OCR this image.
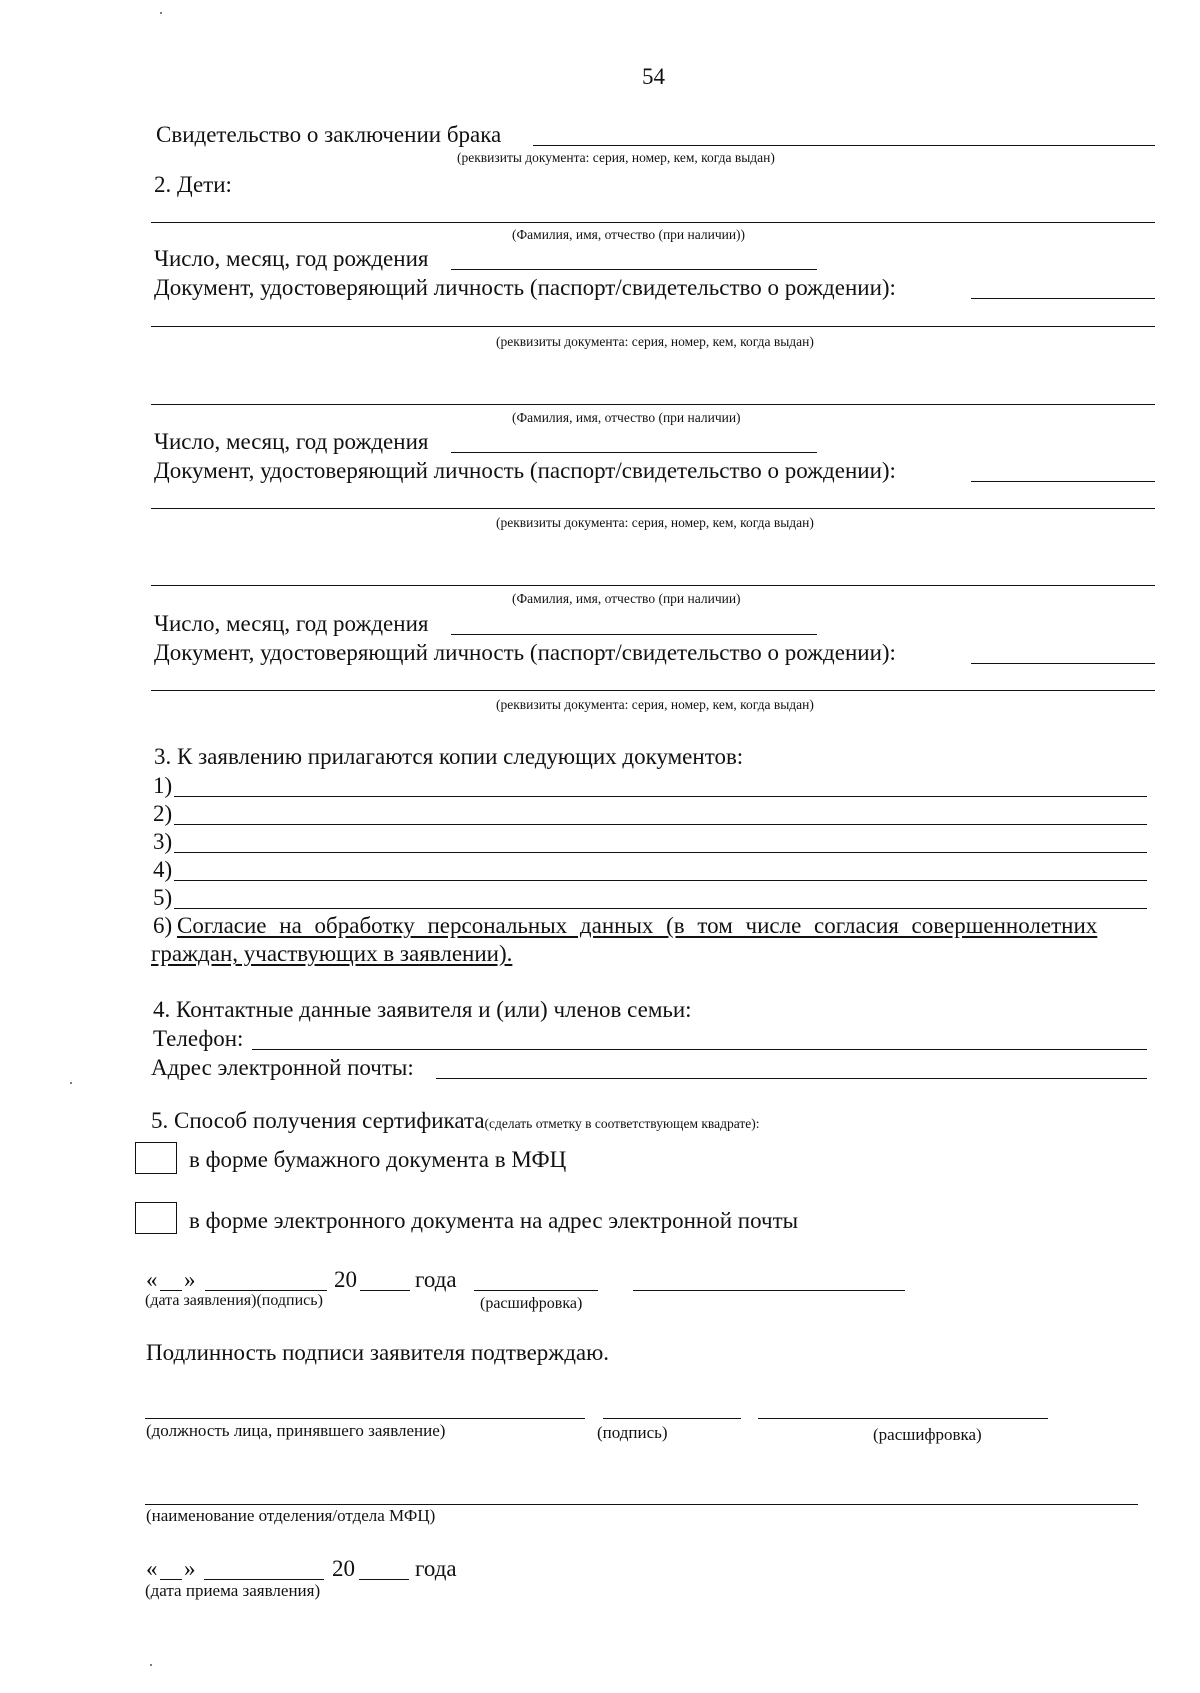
54
Свидетельство о заключении брака
(реквизиты документа: серия, номер, кем, когда выдан)
2. Дети:
(Фамилия, имя, отчество (при наличии))
Число, месяц, год рождения
Документ, удостоверяющий личность (паспорт/свидетельство о рождении):
(реквизиты документа: серия, номер, кем, когда выдан)
(Фамилия, имя, отчество (при наличии)
Число, месяц, год рождения
Документ, удостоверяющий личность (паспорт/свидетельство о рождении):
(реквизиты документа: серия, номер, кем, когда выдан)
(Фамилия, имя, отчество (при наличии)
Число, месяц, год рождения
Документ, удостоверяющий личность (паспорт/свидетельство о рождении):
(реквизиты документа: серия, номер, кем, когда выдан)
3. К заявлению прилагаются копии следующих документов:
1)
2)
3)
4)
5)
6) Согласие на обработку персональных данных (в том числе согласия совершеннолетних
граждан, участвующих в заявлении).
4. Контактные данные заявителя и (или) членов семьи:
Телефон:
Адрес электронной почты:
5. Способ получения сертификата(сделать отметку в соответствующем квадрате):
в форме бумажного документа в МФЦ
в форме электронного документа на адрес электронной почты
« »	20	года
(дата заявления)(подпись)	(расшифровка)
Подлинность подписи заявителя подтверждаю.
(должность лица, принявшего заявление)	(подпись)	(расшифровка)
(наименование отделения/отдела МФЦ)
« »	20	года
(дата приема заявления)
